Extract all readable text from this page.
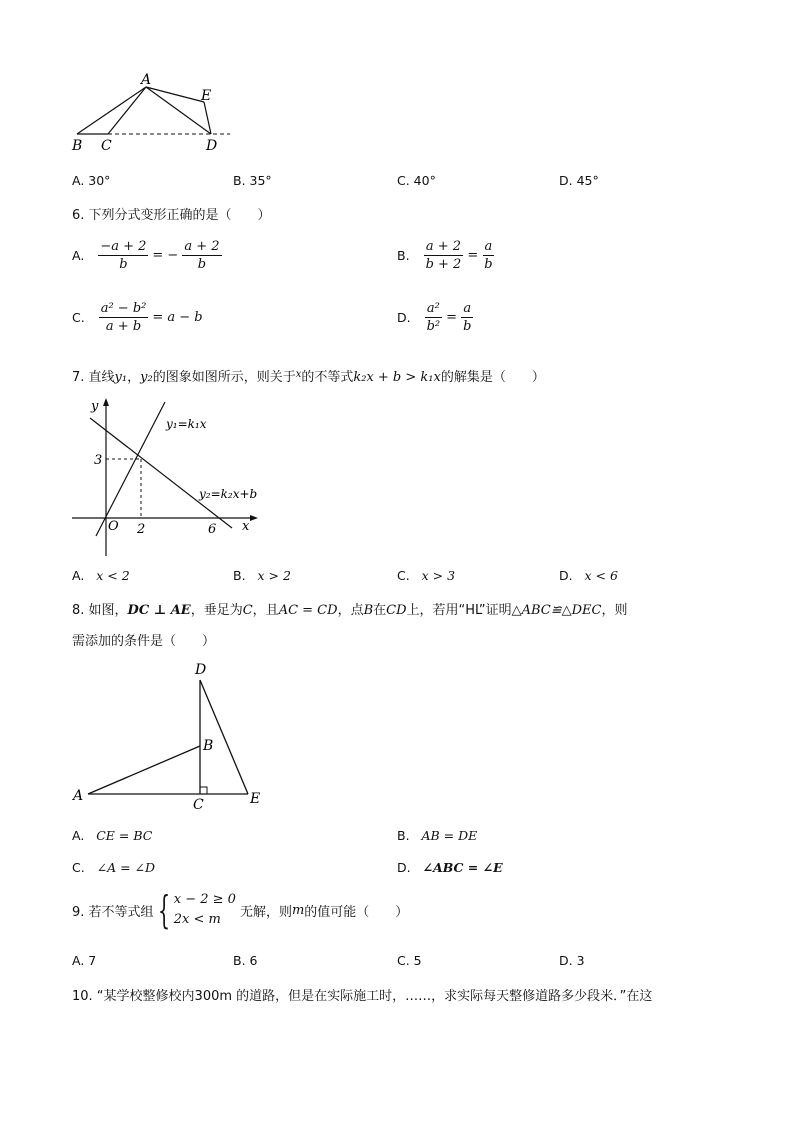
A
E
B C	D
A. 30°	B. 35°	C. 40°	D. 45°
6. 下列分式变形正确的是（　　）
A. $\frac{-a + 2}{b}$ = − $\frac{a + 2}{b}$	B. $\frac{a + 2}{b + 2} = \frac{a}{b}$
C. $\frac{\text{a² − b²}}{a + b} = a - b$	D. $\frac{\text{a²}}{\text{b²}} = \frac{a}{b}$
7. 直线y₁，y₂的图象如图所示，则关于$^x$的不等式k₂x + b > k₁x的解集是（　　）
y
x
O
3
2	6
y₁=k₁x
y₂=k₂x+b
A. x < 2	B. x > 2	C. x > 3	D. x < 6
8. 如图，DC ⊥ AE，垂足为C，且AC = CD，点B在CD上，若用“HL”证明△ABC≌△DEC，则
需添加的条件是（　　）
D
B
A
C	E
A. CE = BC	B. AB = DE
C. ∠A = ∠D	D. ∠ABC = ∠E
9. 若不等式组 { x − 2 ≥ 0
2x < m	无解，则 m 的值可能（　　）
A. 7	B. 6	C. 5	D. 3
10. “某学校整修校内300m 的道路，但是在实际施工时，……，求实际每天整修道路多少段米．”在这
